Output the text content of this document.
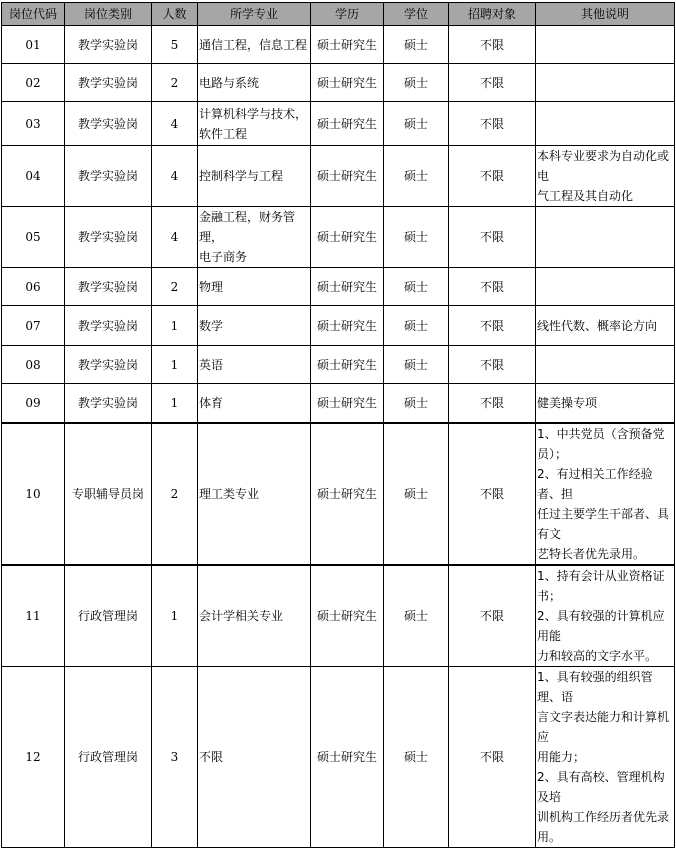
岗位代码	岗位类别	人数	所学专业	学历	学位	招聘对象	其他说明
01	教学实验岗	5	通信工程，信息工程	硕士研究生	硕士	不限	
02	教学实验岗	2	电路与系统	硕士研究生	硕士	不限	
03	教学实验岗	4	计算机科学与技术，
软件工程	硕士研究生	硕士	不限	
04	教学实验岗	4	控制科学与工程	硕士研究生	硕士	不限	本科专业要求为自动化或电
气工程及其自动化
05	教学实验岗	4	金融工程，财务管理，
电子商务	硕士研究生	硕士	不限	
06	教学实验岗	2	物理	硕士研究生	硕士	不限	
07	教学实验岗	1	数学	硕士研究生	硕士	不限	线性代数、概率论方向
08	教学实验岗	1	英语	硕士研究生	硕士	不限	
09	教学实验岗	1	体育	硕士研究生	硕士	不限	健美操专项
10	专职辅导员岗	2	理工类专业	硕士研究生	硕士	不限	1、中共党员（含预备党员）；
2、有过相关工作经验者、担
任过主要学生干部者、具有文
艺特长者优先录用。
11	行政管理岗	1	会计学相关专业	硕士研究生	硕士	不限	1、持有会计从业资格证书；
2、具有较强的计算机应用能
力和较高的文字水平。
12	行政管理岗	3	不限	硕士研究生	硕士	不限	1、具有较强的组织管理、语
言文字表达能力和计算机应
用能力；
2、具有高校、管理机构及培
训机构工作经历者优先录用。
